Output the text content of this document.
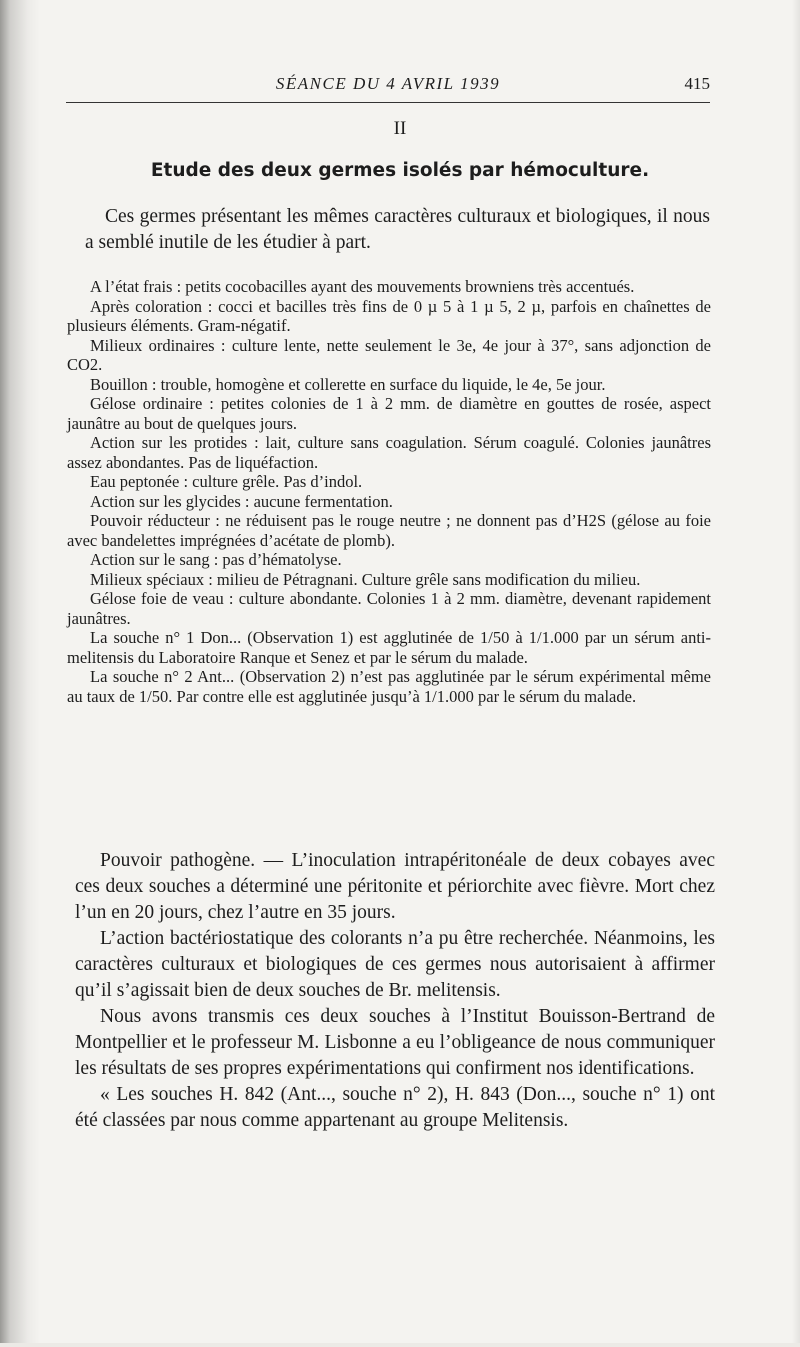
SÉANCE DU 4 AVRIL 1939	415
II
Etude des deux germes isolés par hémoculture.

Ces germes présentant les mêmes caractères culturaux et biologiques, il nous a semblé inutile de les étudier à part.

A l’état frais : petits cocobacilles ayant des mouvements browniens très accentués.

Après coloration : cocci et bacilles très fins de 0 µ 5 à 1 µ 5, 2 µ, parfois en chaînettes de plusieurs éléments. Gram-négatif.

Milieux ordinaires : culture lente, nette seulement le 3e, 4e jour à 37°, sans adjonction de CO2.

Bouillon : trouble, homogène et collerette en surface du liquide, le 4e, 5e jour.

Gélose ordinaire : petites colonies de 1 à 2 mm. de diamètre en gouttes de rosée, aspect jaunâtre au bout de quelques jours.

Action sur les protides : lait, culture sans coagulation. Sérum coagulé. Colonies jaunâtres assez abondantes. Pas de liquéfaction.

Eau peptonée : culture grêle. Pas d’indol.

Action sur les glycides : aucune fermentation.

Pouvoir réducteur : ne réduisent pas le rouge neutre ; ne donnent pas d’H2S (gélose au foie avec bandelettes imprégnées d’acétate de plomb).

Action sur le sang : pas d’hématolyse.

Milieux spéciaux : milieu de Pétragnani. Culture grêle sans modification du milieu.

Gélose foie de veau : culture abondante. Colonies 1 à 2 mm. diamètre, devenant rapidement jaunâtres.

La souche n° 1 Don... (Observation 1) est agglutinée de 1/50 à 1/1.000 par un sérum anti-melitensis du Laboratoire Ranque et Senez et par le sérum du malade.

La souche n° 2 Ant... (Observation 2) n’est pas agglutinée par le sérum expérimental même au taux de 1/50. Par contre elle est agglutinée jusqu’à 1/1.000 par le sérum du malade.

Pouvoir pathogène. — L’inoculation intrapéritonéale de deux cobayes avec ces deux souches a déterminé une péritonite et périorchite avec fièvre. Mort chez l’un en 20 jours, chez l’autre en 35 jours.

L’action bactériostatique des colorants n’a pu être recherchée. Néanmoins, les caractères culturaux et biologiques de ces germes nous autorisaient à affirmer qu’il s’agissait bien de deux souches de Br. melitensis.

Nous avons transmis ces deux souches à l’Institut Bouisson-Bertrand de Montpellier et le professeur M. Lisbonne a eu l’obligeance de nous communiquer les résultats de ses propres expérimentations qui confirment nos identifications.

« Les souches H. 842 (Ant..., souche n° 2), H. 843 (Don..., souche n° 1) ont été classées par nous comme appartenant au groupe Melitensis.
